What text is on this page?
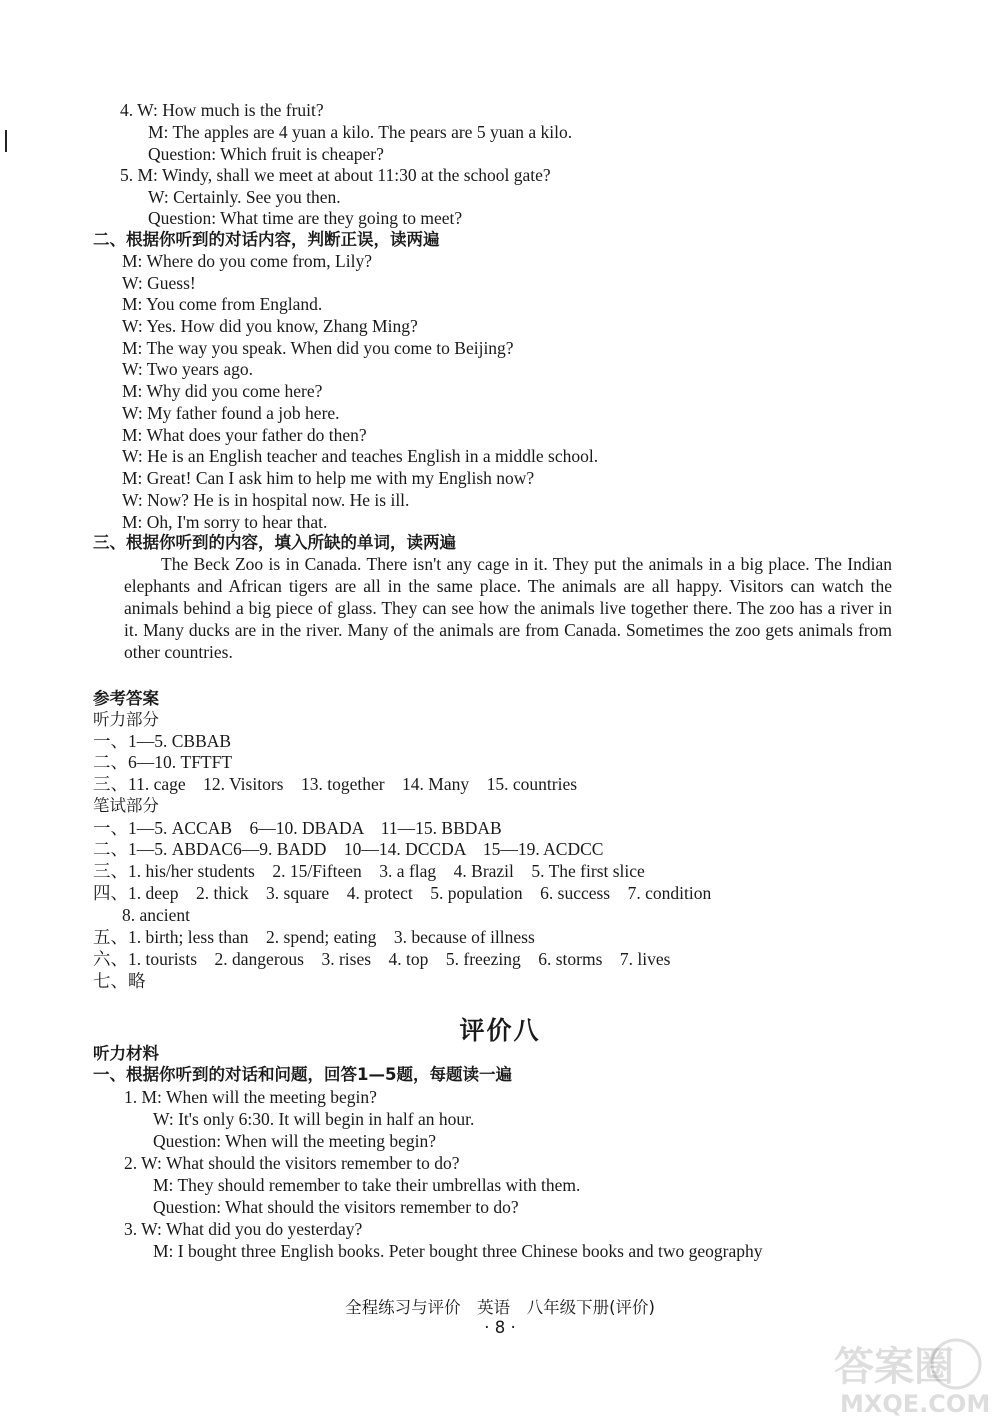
4. W: How much is the fruit?
M: The apples are 4 yuan a kilo. The pears are 5 yuan a kilo.
Question: Which fruit is cheaper?
5. M: Windy, shall we meet at about 11:30 at the school gate?
W: Certainly. See you then.
Question: What time are they going to meet?
二、根据你听到的对话内容，判断正误，读两遍
M: Where do you come from, Lily?
W: Guess!
M: You come from England.
W: Yes. How did you know, Zhang Ming?
M: The way you speak. When did you come to Beijing?
W: Two years ago.
M: Why did you come here?
W: My father found a job here.
M: What does your father do then?
W: He is an English teacher and teaches English in a middle school.
M: Great! Can I ask him to help me with my English now?
W: Now? He is in hospital now. He is ill.
M: Oh, I'm sorry to hear that.
三、根据你听到的内容，填入所缺的单词，读两遍
参考答案
听力部分
一、1—5. CBBAB
二、6—10. TFTFT
三、11. cage　12. Visitors　13. together　14. Many　15. countries
笔试部分
一、1—5. ACCAB　6—10. DBADA　11—15. BBDAB
二、1—5. ABDAC6—9. BADD　10—14. DCCDA　15—19. ACDCC
三、1. his/her students　2. 15/Fifteen　3. a flag　4. Brazil　5. The first slice
四、1. deep　2. thick　3. square　4. protect　5. population　6. success　7. condition
8. ancient
五、1. birth; less than　2. spend; eating　3. because of illness
六、1. tourists　2. dangerous　3. rises　4. top　5. freezing　6. storms　7. lives
七、略
听力材料
一、根据你听到的对话和问题，回答1—5题，每题读一遍
1. M: When will the meeting begin?
W: It's only 6:30. It will begin in half an hour.
Question: When will the meeting begin?
2. W: What should the visitors remember to do?
M: They should remember to take their umbrellas with them.
Question: What should the visitors remember to do?
3. W: What did you do yesterday?
M: I bought three English books. Peter bought three Chinese books and two geography
　　The Beck Zoo is in Canada. There isn't any cage in it. They put the animals in a big place. The Indian elephants and African tigers are all in the same place. The animals are all happy. Visitors can watch the animals behind a big piece of glass. They can see how the animals live together there. The zoo has a river in it. Many ducks are in the river. Many of the animals are from Canada. Sometimes the zoo gets animals from other countries.
评价八
全程练习与评价　英语　八年级下册(评价)
· 8 ·
答案圈
MXQE.COM
